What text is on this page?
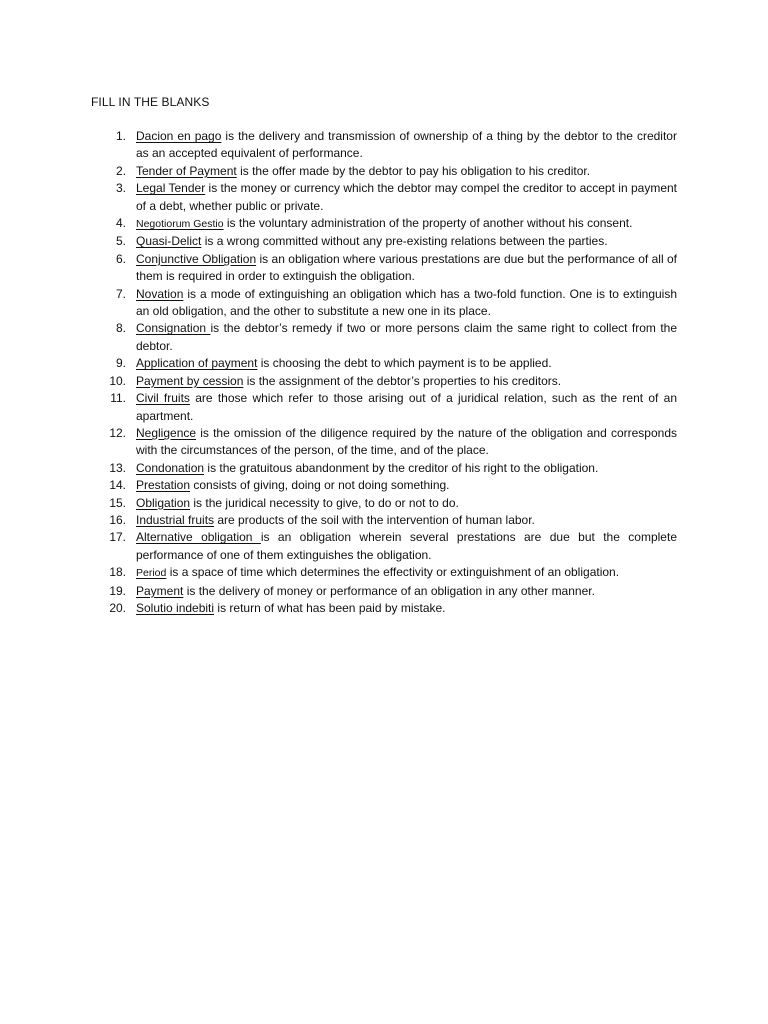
FILL IN THE BLANKS
1. Dacion en pago is the delivery and transmission of ownership of a thing by the debtor to the creditor as an accepted equivalent of performance.
2. Tender of Payment is the offer made by the debtor to pay his obligation to his creditor.
3. Legal Tender is the money or currency which the debtor may compel the creditor to accept in payment of a debt, whether public or private.
4. Negotiorum Gestio is the voluntary administration of the property of another without his consent.
5. Quasi-Delict is a wrong committed without any pre-existing relations between the parties.
6. Conjunctive Obligation is an obligation where various prestations are due but the performance of all of them is required in order to extinguish the obligation.
7. Novation is a mode of extinguishing an obligation which has a two-fold function. One is to extinguish an old obligation, and the other to substitute a new one in its place.
8. Consignation is the debtor’s remedy if two or more persons claim the same right to collect from the debtor.
9. Application of payment is choosing the debt to which payment is to be applied.
10. Payment by cession is the assignment of the debtor’s properties to his creditors.
11. Civil fruits are those which refer to those arising out of a juridical relation, such as the rent of an apartment.
12. Negligence is the omission of the diligence required by the nature of the obligation and corresponds with the circumstances of the person, of the time, and of the place.
13. Condonation is the gratuitous abandonment by the creditor of his right to the obligation.
14. Prestation consists of giving, doing or not doing something.
15. Obligation is the juridical necessity to give, to do or not to do.
16. Industrial fruits are products of the soil with the intervention of human labor.
17. Alternative obligation is an obligation wherein several prestations are due but the complete performance of one of them extinguishes the obligation.
18. Period is a space of time which determines the effectivity or extinguishment of an obligation.
19. Payment is the delivery of money or performance of an obligation in any other manner.
20. Solutio indebiti is return of what has been paid by mistake.
